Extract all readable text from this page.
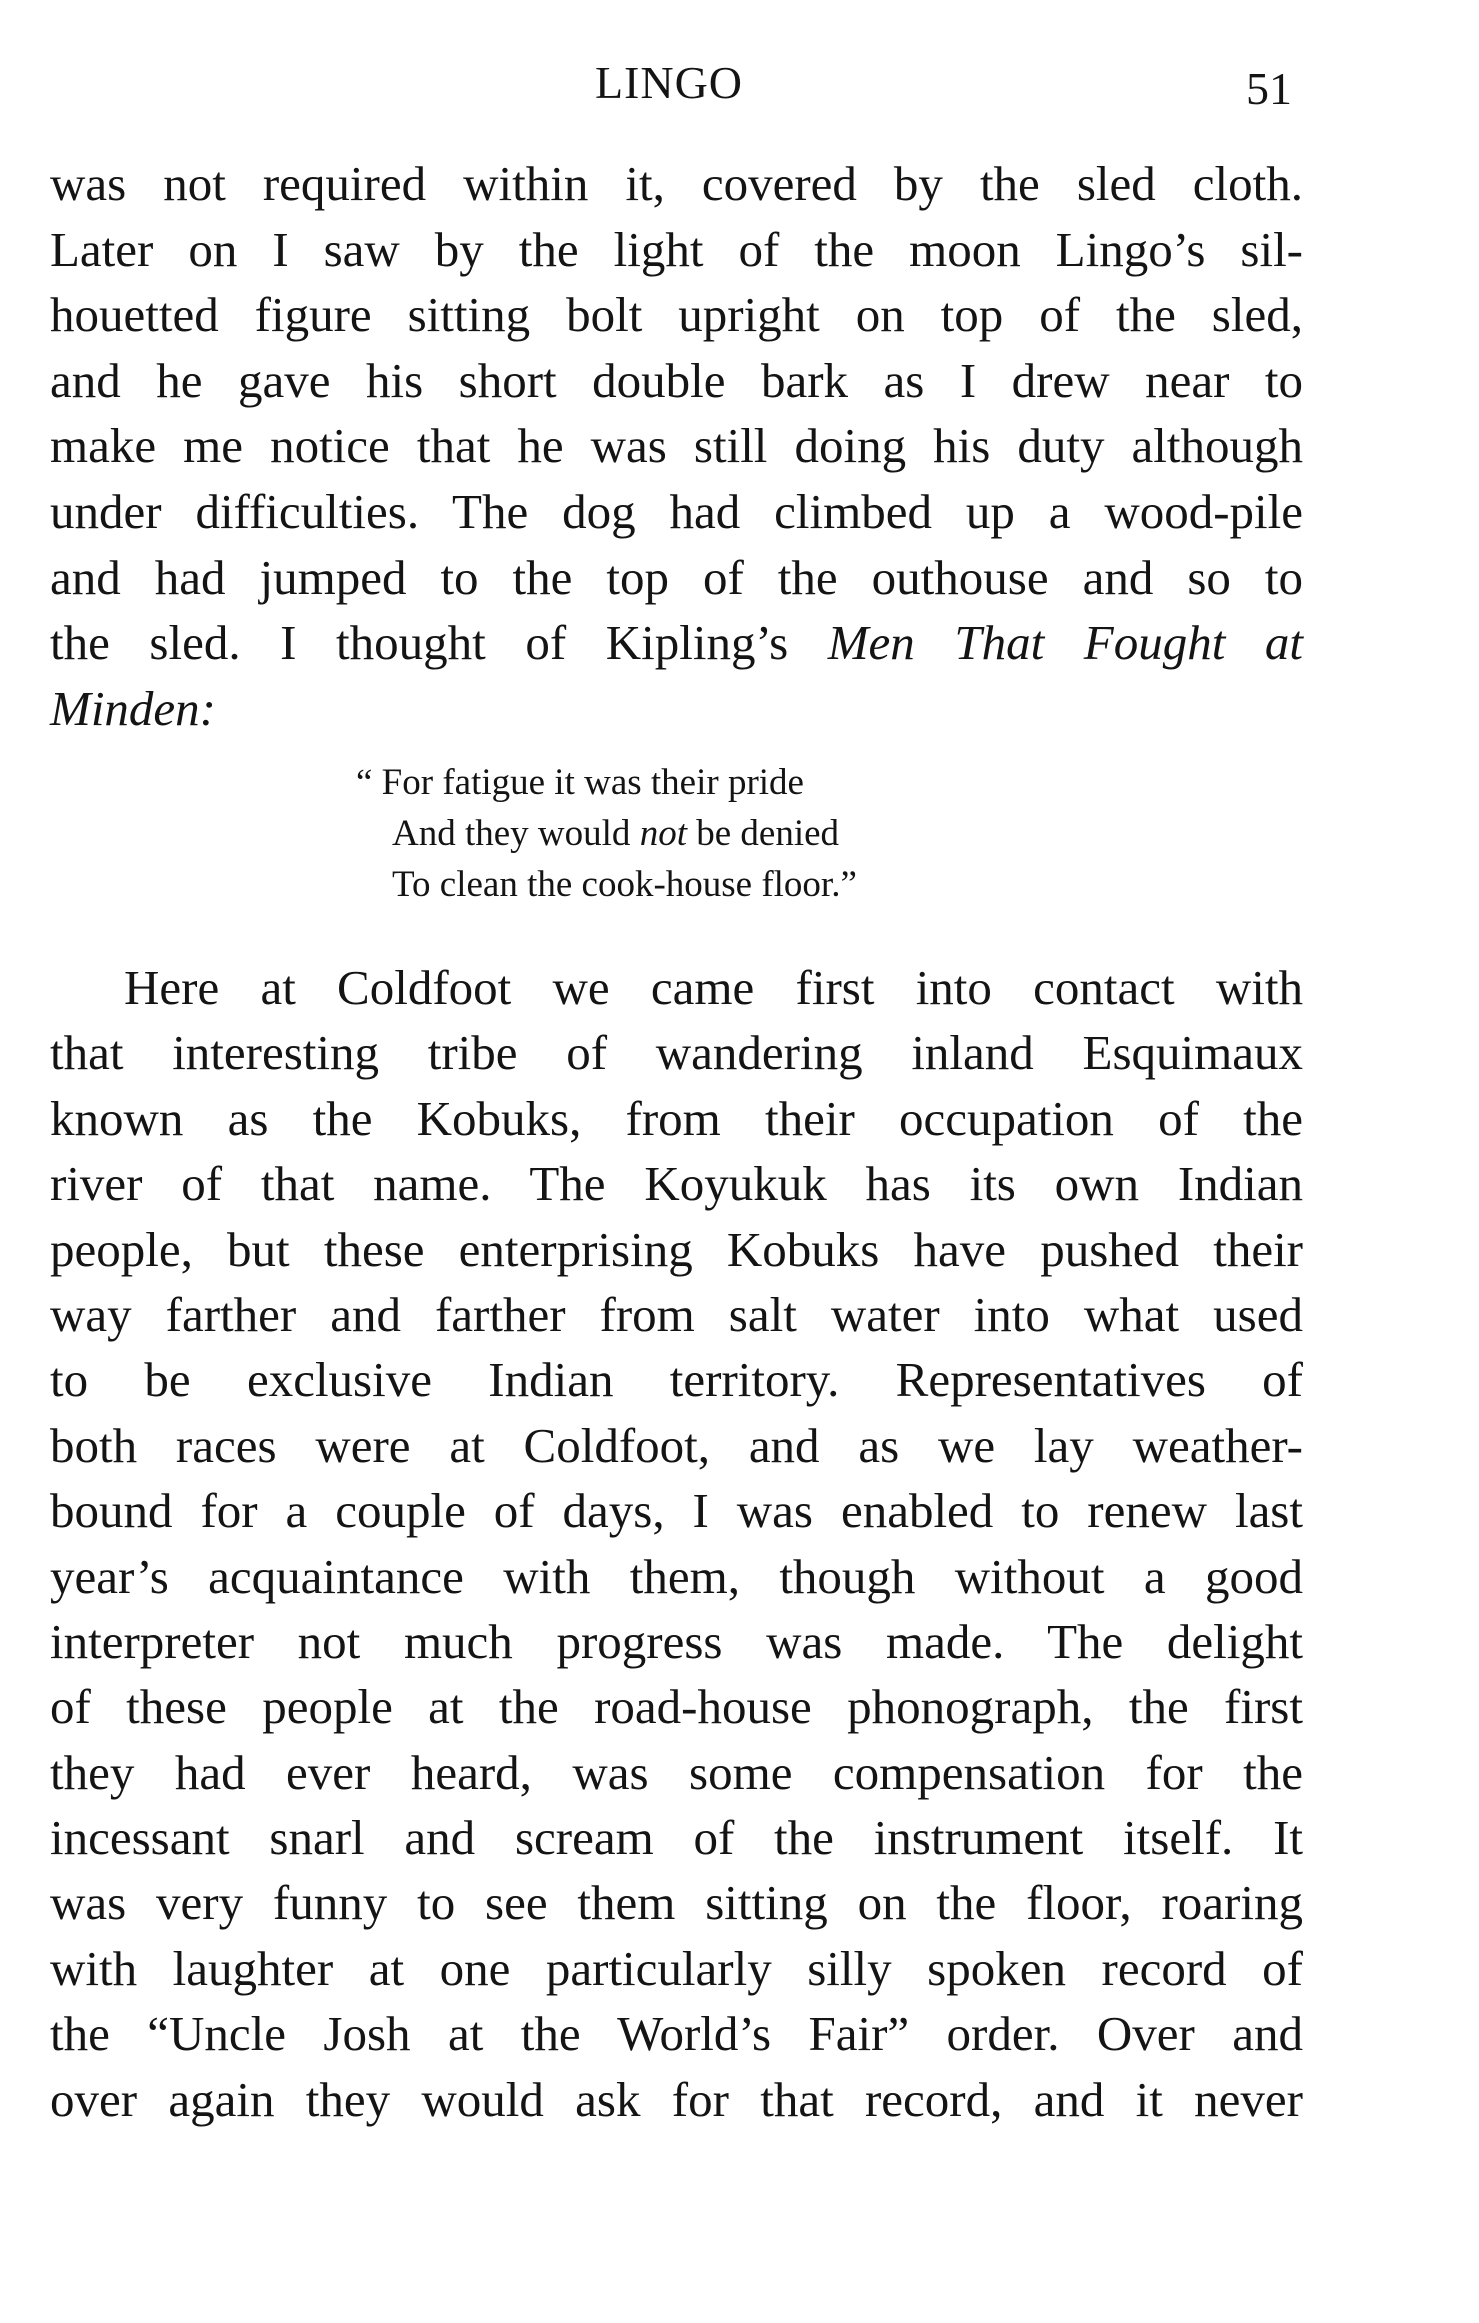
LINGO	51
was not required within it, covered by the sled cloth.
Later on I saw by the light of the moon Lingo’s sil-
houetted figure sitting bolt upright on top of the sled,
and he gave his short double bark as I drew near to
make me notice that he was still doing his duty although
under difficulties. The dog had climbed up a wood-pile
and had jumped to the top of the outhouse and so to
the sled. I thought of Kipling’s Men That Fought at
Minden:
“ For fatigue it was their pride
And they would not be denied
To clean the cook-house floor.”
Here at Coldfoot we came first into contact with
that interesting tribe of wandering inland Esquimaux
known as the Kobuks, from their occupation of the
river of that name. The Koyukuk has its own Indian
people, but these enterprising Kobuks have pushed their
way farther and farther from salt water into what used
to be exclusive Indian territory. Representatives of
both races were at Coldfoot, and as we lay weather-
bound for a couple of days, I was enabled to renew last
year’s acquaintance with them, though without a good
interpreter not much progress was made. The delight
of these people at the road-house phonograph, the first
they had ever heard, was some compensation for the
incessant snarl and scream of the instrument itself. It
was very funny to see them sitting on the floor, roaring
with laughter at one particularly silly spoken record of
the “Uncle Josh at the World’s Fair” order. Over and
over again they would ask for that record, and it never
